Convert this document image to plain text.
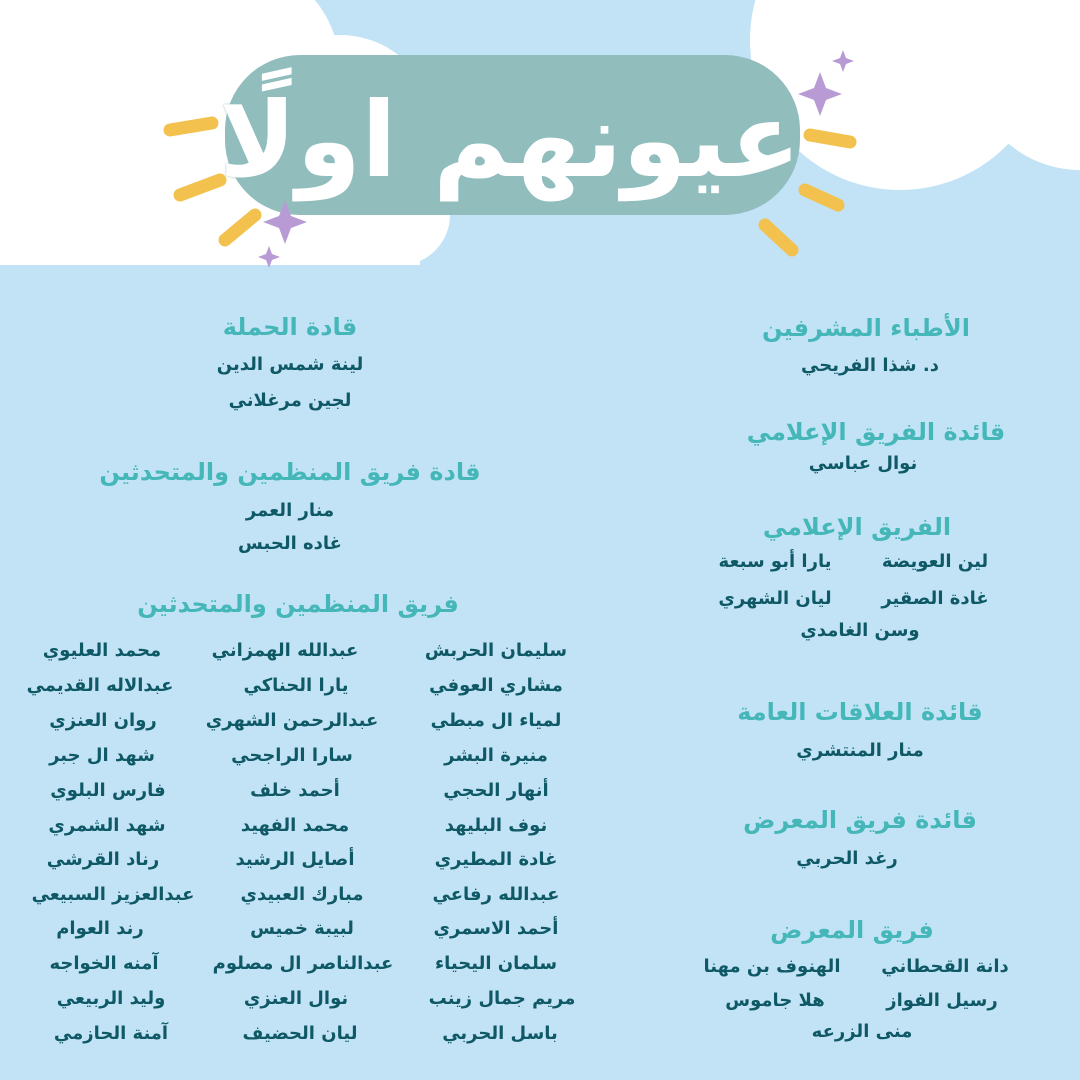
عيونهم اولًا
الأطباء المشرفين
د. شذا الفريحي
قائدة الفريق الإعلامي
نوال عباسي
الفريق الإعلامي
لين العويضة
يارا أبو سبعة
غادة الصقير
ليان الشهري
وسن الغامدي
قائدة العلاقات العامة
منار المنتشري
قائدة فريق المعرض
رغد الحربي
فريق المعرض
دانة القحطاني
الهنوف بن مهنا
رسيل الفواز
هلا جاموس
منى الزرعه
قادة الحملة
لينة شمس الدين
لجين مرغلاني
قادة فريق المنظمين والمتحدثين
منار العمر
غاده الحبس
فريق المنظمين والمتحدثين
سليمان الحربش
مشاري العوفي
لمياء ال مبطي
منيرة البشر
أنهار الحجي
نوف البليهد
غادة المطيري
عبدالله رفاعي
أحمد الاسمري
سلمان اليحياء
مريم جمال زينب
باسل الحربي
عبدالله الهمزاني
يارا الحناكي
عبدالرحمن الشهري
سارا الراجحي
أحمد خلف
محمد الفهيد
أصايل الرشيد
مبارك العبيدي
لبيبة خميس
عبدالناصر ال مصلوم
نوال العنزي
ليان الحضيف
محمد العليوي
عبدالاله القديمي
روان العنزي
شهد ال جبر
فارس البلوي
شهد الشمري
رناد القرشي
عبدالعزيز السبيعي
رند العوام
آمنه الخواجه
وليد الربيعي
آمنة الحازمي
